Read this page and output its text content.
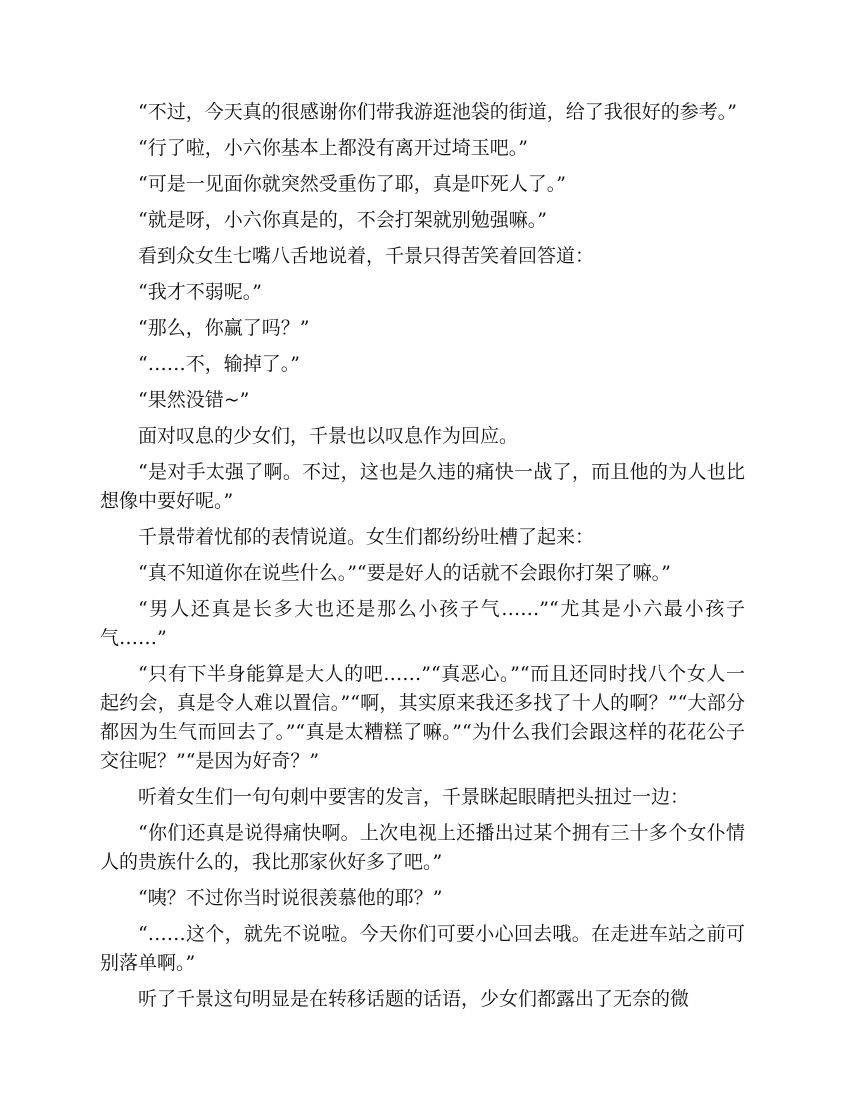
“不过，今天真的很感谢你们带我游逛池袋的街道，给了我很好的参考。”

“行了啦，小六你基本上都没有离开过埼玉吧。”

“可是一见面你就突然受重伤了耶，真是吓死人了。”

“就是呀，小六你真是的，不会打架就别勉强嘛。”

看到众女生七嘴八舌地说着，千景只得苦笑着回答道：

“我才不弱呢。”

“那么，你赢了吗？”

“……不，输掉了。”

“果然没错~”

面对叹息的少女们，千景也以叹息作为回应。

“是对手太强了啊。不过，这也是久违的痛快一战了，而且他的为人也比想像中要好呢。”

千景带着忧郁的表情说道。女生们都纷纷吐槽了起来：

“真不知道你在说些什么。”“要是好人的话就不会跟你打架了嘛。”

“男人还真是长多大也还是那么小孩子气……”“尤其是小六最小孩子气……”

“只有下半身能算是大人的吧……”“真恶心。”“而且还同时找八个女人一起约会，真是令人难以置信。”“啊，其实原来我还多找了十人的啊？”“大部分都因为生气而回去了。”“真是太糟糕了嘛。”“为什么我们会跟这样的花花公子交往呢？”“是因为好奇？”

听着女生们一句句刺中要害的发言，千景眯起眼睛把头扭过一边：

“你们还真是说得痛快啊。上次电视上还播出过某个拥有三十多个女仆情人的贵族什么的，我比那家伙好多了吧。”

“咦？不过你当时说很羡慕他的耶？”

“……这个，就先不说啦。今天你们可要小心回去哦。在走进车站之前可别落单啊。”

听了千景这句明显是在转移话题的话语，少女们都露出了无奈的微
